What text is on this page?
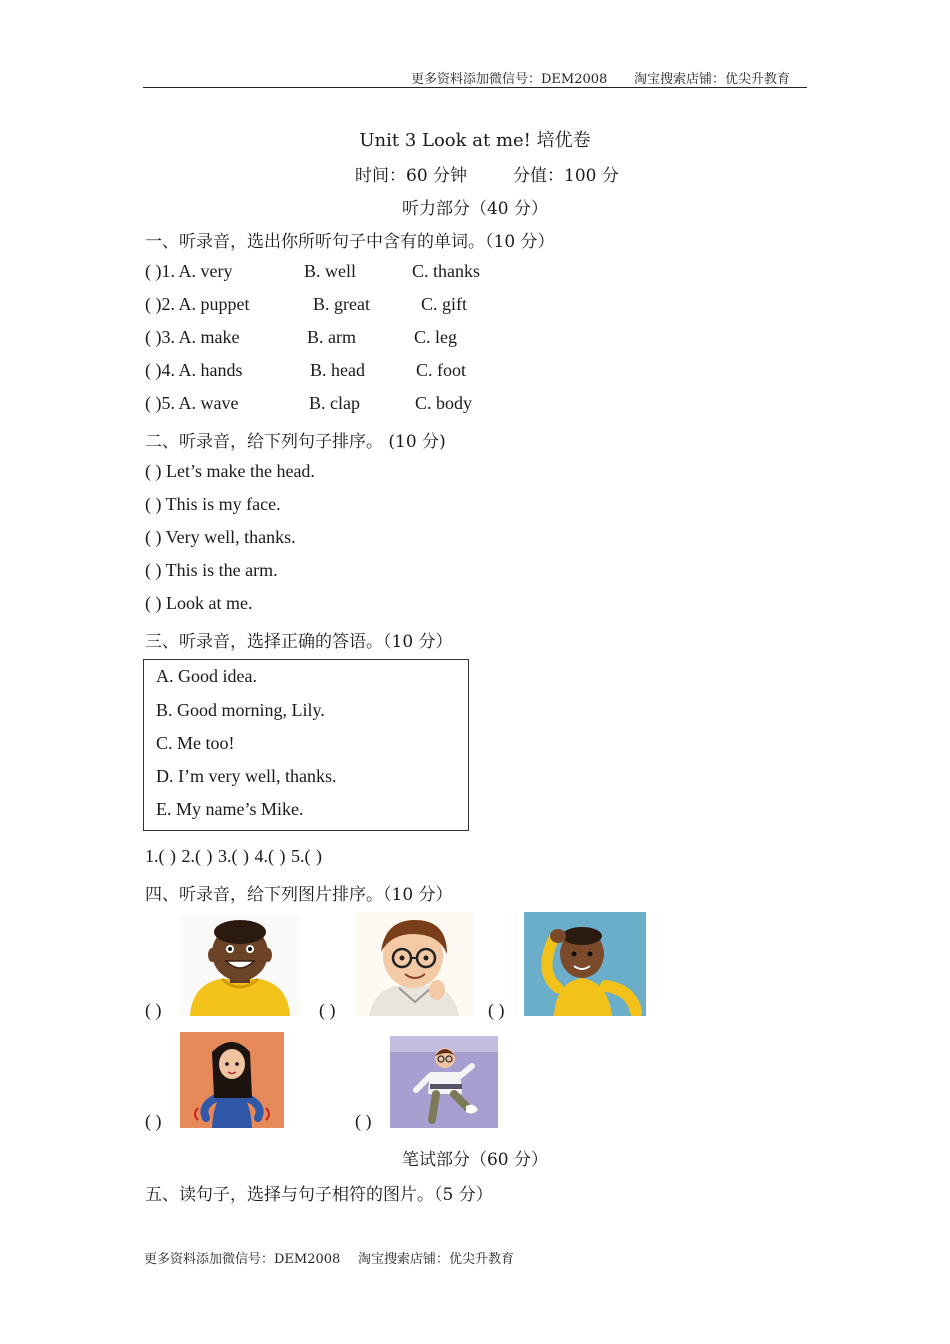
更多资料添加微信号：DEM2008 淘宝搜索店铺：优尖升教育
Unit 3 Look at me! 培优卷
时间：60 分钟	分值：100 分
听力部分（40 分）
一、听录音，选出你所听句子中含有的单词。（10 分）
( )1. A. very	B. well	C. thanks
( )2. A. puppet	B. great	C. gift
( )3. A. make	B. arm	C. leg
( )4. A. hands	B. head	C. foot
( )5. A. wave	B. clap	C. body
二、听录音，给下列句子排序。 (10 分)
( ) Let’s make the head.
( ) This is my face.
( ) Very well, thanks.
( ) This is the arm.
( ) Look at me.
三、听录音，选择正确的答语。（10 分）
A. Good idea.
B. Good morning, Lily.
C. Me too!
D. I’m very well, thanks.
E. My name’s Mike.
1.( ) 2.( ) 3.( ) 4.( ) 5.( )
四、听录音，给下列图片排序。（10 分）
( )	( )	( )
( )	( )
笔试部分（60 分）
五、读句子，选择与句子相符的图片。（5 分）
更多资料添加微信号：DEM2008 淘宝搜索店铺：优尖升教育
